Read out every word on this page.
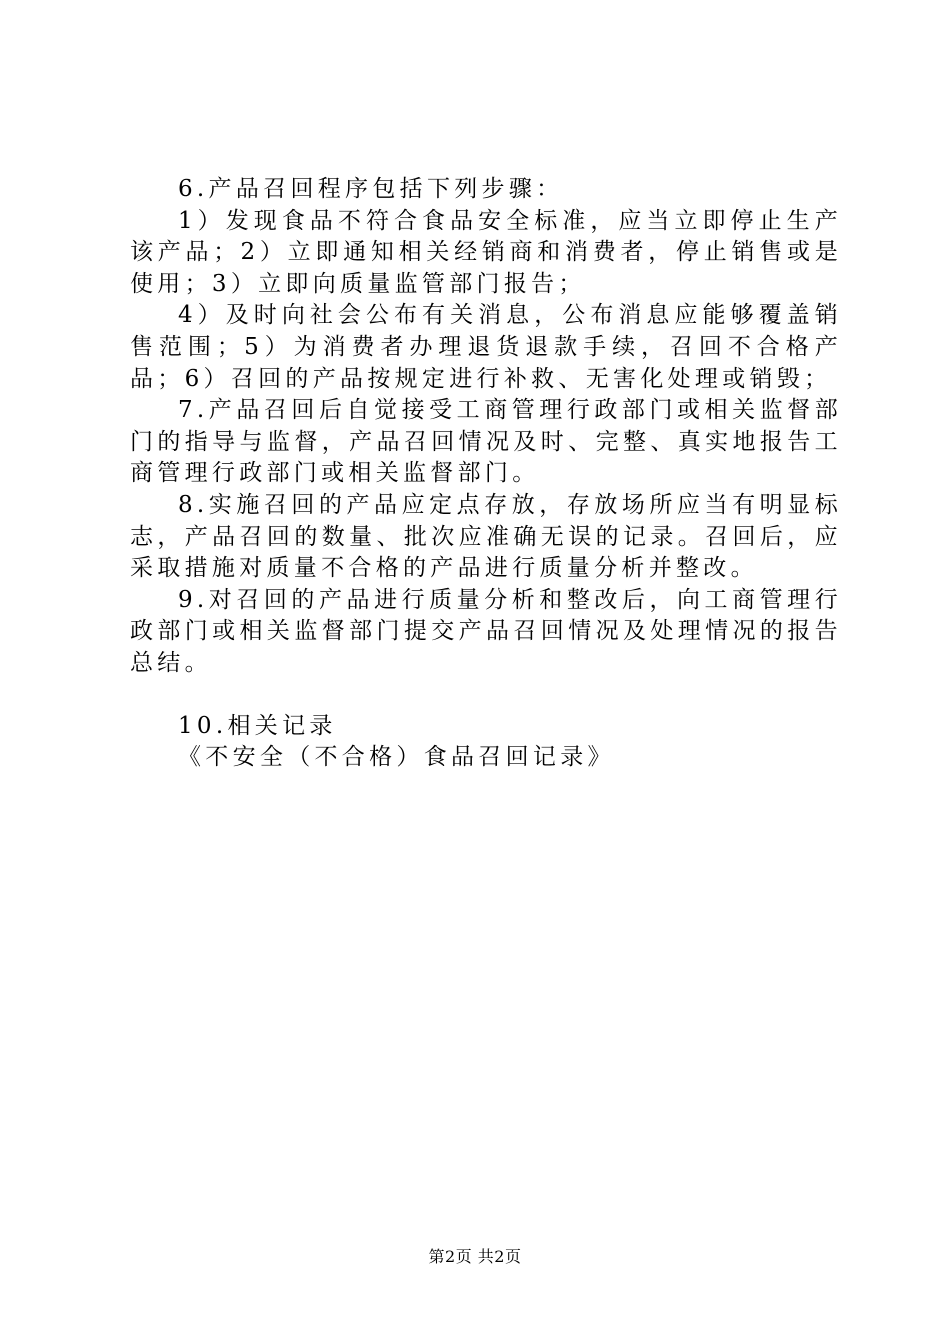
6.产品召回程序包括下列步骤：

1）发现食品不符合食品安全标准，应当立即停止生产该产品；2）立即通知相关经销商和消费者，停止销售或是使用；3）立即向质量监管部门报告；

4）及时向社会公布有关消息，公布消息应能够覆盖销售范围；5）为消费者办理退货退款手续，召回不合格产品；6）召回的产品按规定进行补救、无害化处理或销毁；

7.产品召回后自觉接受工商管理行政部门或相关监督部门的指导与监督，产品召回情况及时、完整、真实地报告工商管理行政部门或相关监督部门。

8.实施召回的产品应定点存放，存放场所应当有明显标志，产品召回的数量、批次应准确无误的记录。召回后，应采取措施对质量不合格的产品进行质量分析并整改。

9.对召回的产品进行质量分析和整改后，向工商管理行政部门或相关监督部门提交产品召回情况及处理情况的报告总结。

10.相关记录

《不安全（不合格）食品召回记录》

第2页 共2页
